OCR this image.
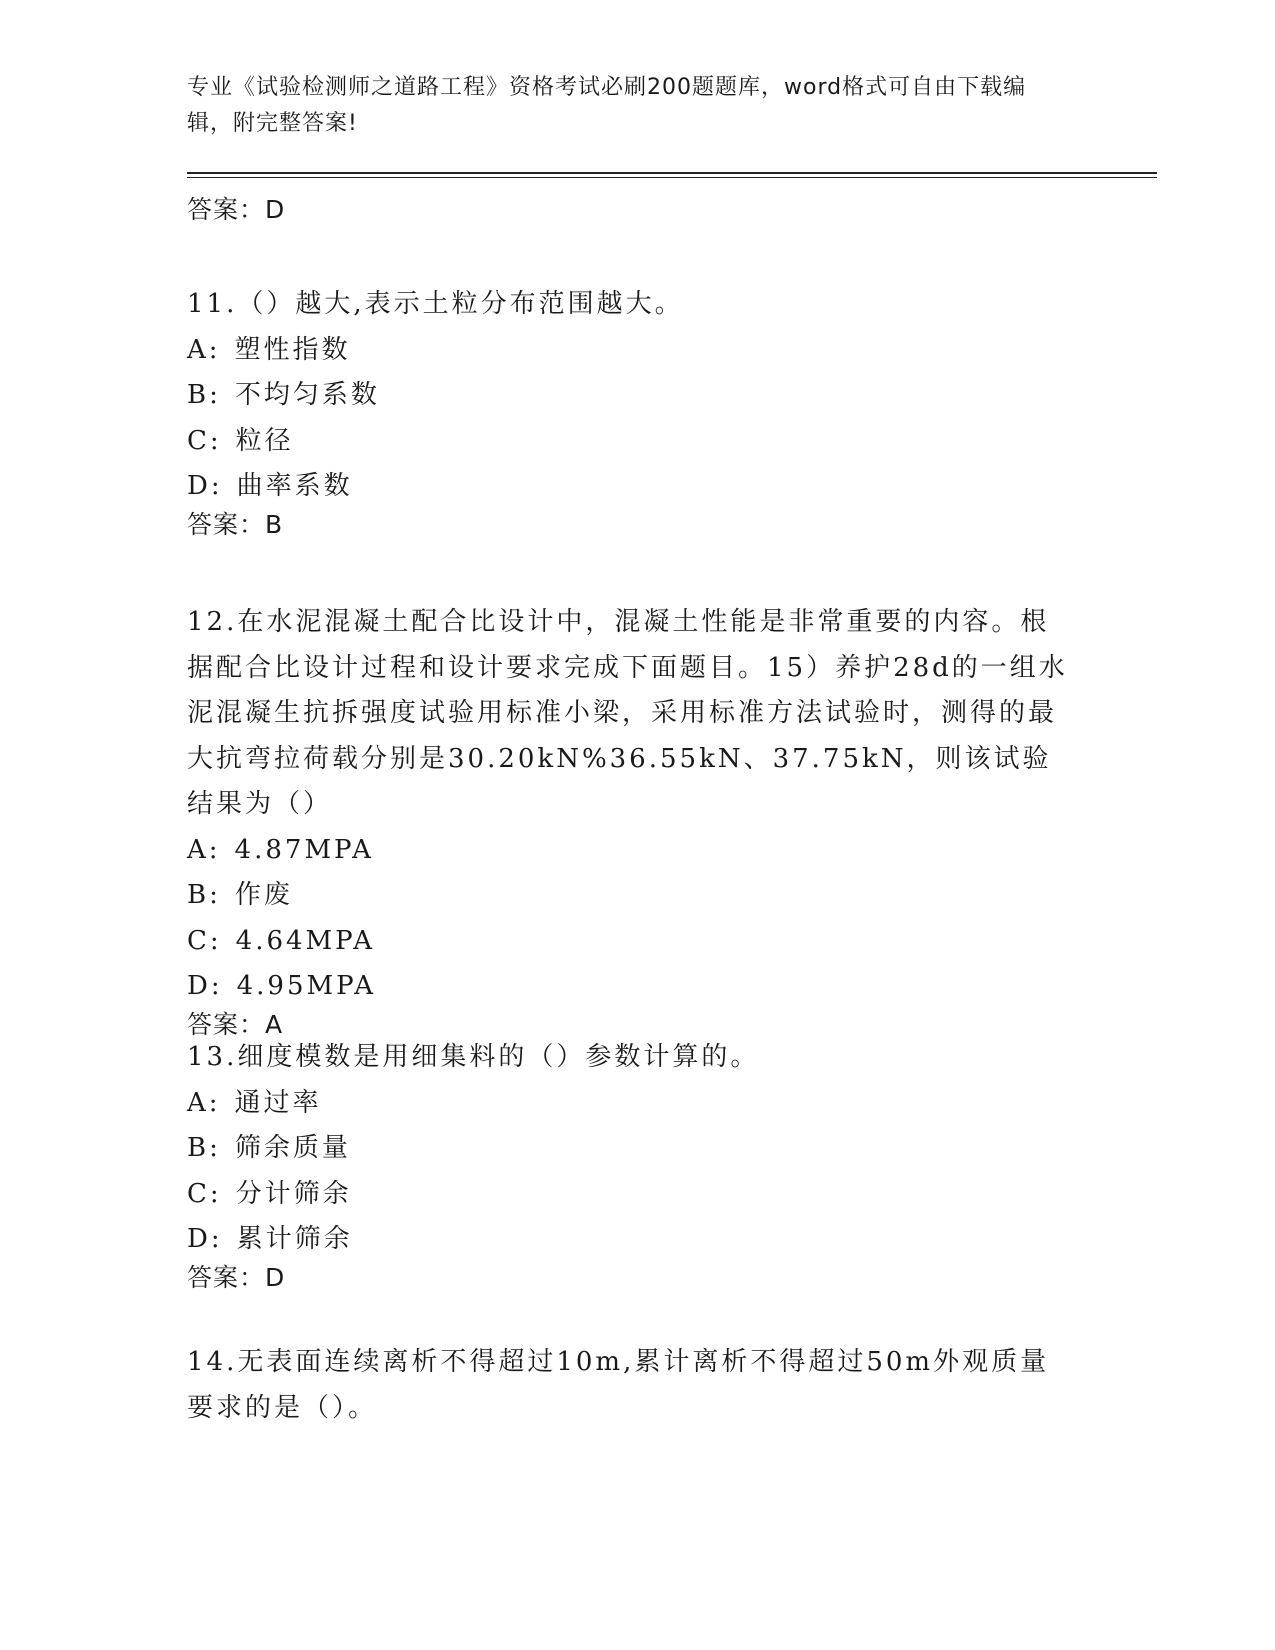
专业《试验检测师之道路工程》资格考试必刷200题题库，word格式可自由下载编辑，附完整答案!
答案：D
11.（）越大,表示土粒分布范围越大。
A: 塑性指数
B: 不均匀系数
C: 粒径
D: 曲率系数
答案：B
12.在水泥混凝土配合比设计中，混凝土性能是非常重要的内容。根据配合比设计过程和设计要求完成下面题目。15）养护28d的一组水泥混凝生抗拆强度试验用标准小梁，采用标准方法试验时，测得的最大抗弯拉荷载分别是30.20kN%36.55kN、37.75kN，则该试验结果为（）
A: 4.87MPA
B: 作废
C: 4.64MPA
D: 4.95MPA
答案：A
13.细度模数是用细集料的（）参数计算的。
A: 通过率
B: 筛余质量
C: 分计筛余
D: 累计筛余
答案：D
14.无表面连续离析不得超过10m,累计离析不得超过50m外观质量要求的是（）。
